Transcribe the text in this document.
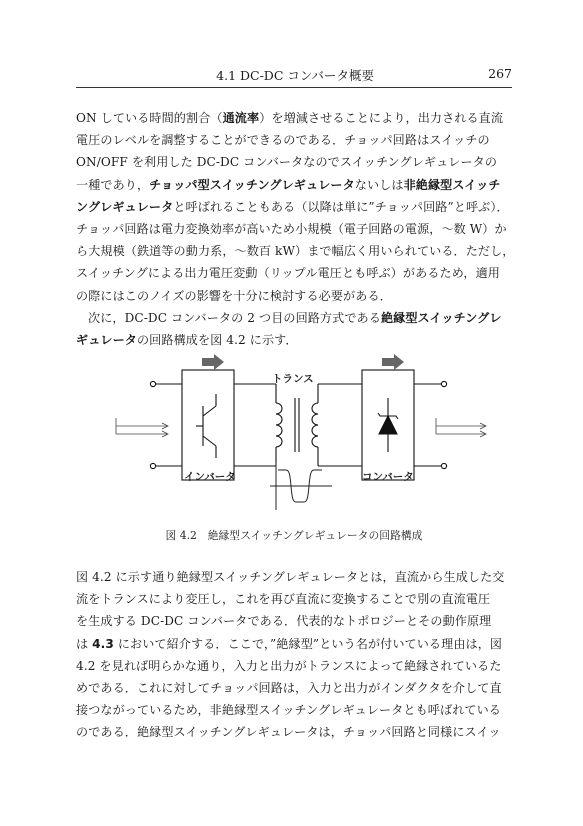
4.1 DC-DC コンバータ概要	267
ON している時間的割合（通流率）を増減させることにより，出力される直流
電圧のレベルを調整することができるのである．チョッパ回路はスイッチの
ON/OFF を利用した DC-DC コンバータなのでスイッチングレギュレータの
一種であり，チョッパ型スイッチングレギュレータないしは非絶縁型スイッチ
ングレギュレータと呼ばれることもある（以降は単に”チョッパ回路”と呼ぶ）．
チョッパ回路は電力変換効率が高いため小規模（電子回路の電源，～数 W）か
ら大規模（鉄道等の動力系，～数百 kW）まで幅広く用いられている．ただし，
スイッチングによる出力電圧変動（リップル電圧とも呼ぶ）があるため，適用
の際にはこのノイズの影響を十分に検討する必要がある．
次に，DC-DC コンバータの 2 つ目の回路方式である絶縁型スイッチングレ
ギュレータの回路構成を図 4.2 に示す．
トランス
インバータ	コンバータ
図 4.2　絶縁型スイッチングレギュレータの回路構成
図 4.2 に示す通り絶縁型スイッチングレギュレータとは，直流から生成した交
流をトランスにより変圧し，これを再び直流に変換することで別の直流電圧
を生成する DC-DC コンバータである．代表的なトポロジーとその動作原理
は 4.3 において紹介する．ここで，”絶縁型”という名が付いている理由は，図
4.2 を見れば明らかな通り，入力と出力がトランスによって絶縁されているた
めである．これに対してチョッパ回路は，入力と出力がインダクタを介して直
接つながっているため，非絶縁型スイッチングレギュレータとも呼ばれている
のである．絶縁型スイッチングレギュレータは，チョッパ回路と同様にスイッ
